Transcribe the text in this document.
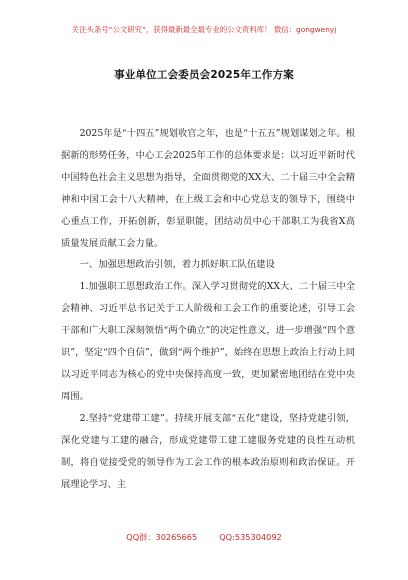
关注头条号“公文研究”，获得最新最全最专业的公文资料库！ 微信：gongwenyj
事业单位工会委员会2025年工作方案

2025年是“十四五”规划收官之年，也是“十五五”规划谋划之年。根据新的形势任务，中心工会2025年工作的总体要求是：以习近平新时代中国特色社会主义思想为指导，全面贯彻党的XX大、二十届三中全会精神和中国工会十八大精神，在上级工会和中心党总支的领导下，围绕中心重点工作，开拓创新，彰显职能，团结动员中心干部职工为我省X高质量发展贡献工会力量。

一、加强思想政治引领，着力抓好职工队伍建设

1.加强职工思想政治工作。深入学习贯彻党的XX大、二十届三中全会精神、习近平总书记关于工人阶级和工会工作的重要论述，引导工会干部和广大职工深刻领悟“两个确立”的决定性意义，进一步增强“四个意识”，坚定“四个自信”，做到“两个维护”，始终在思想上政治上行动上同以习近平同志为核心的党中央保持高度一致，更加紧密地团结在党中央周围。

2.坚持“党建带工建”。持续开展支部“五化”建设，坚持党建引领，深化党建与工建的融合，形成党建带工建工建服务党建的良性互动机制，将自觉接受党的领导作为工会工作的根本政治原则和政治保证。开展理论学习、主

QQ群：30265665	QQ:535304092
